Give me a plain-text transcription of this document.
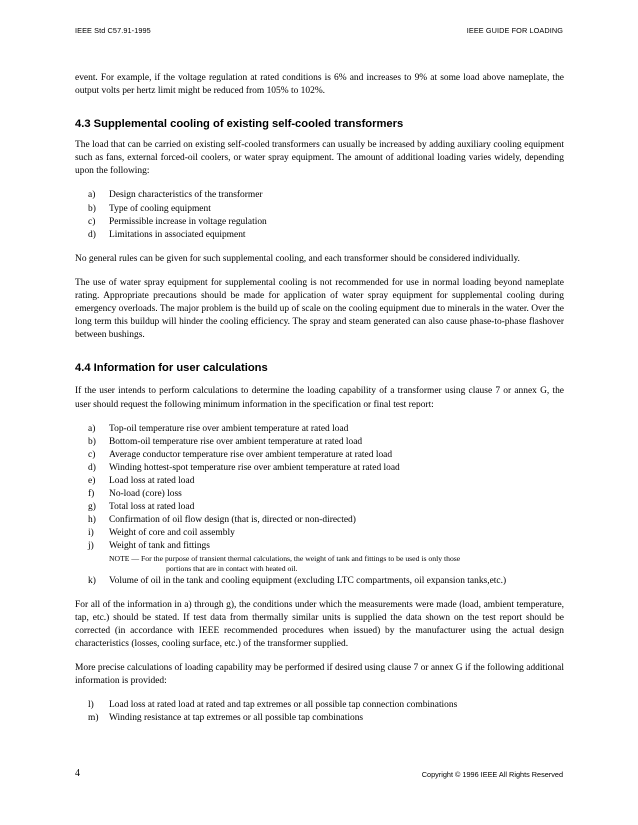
IEEE Std C57.91-1995	IEEE GUIDE FOR LOADING

event. For example, if the voltage regulation at rated conditions is 6% and increases to 9% at some load above nameplate, the output volts per hertz limit might be reduced from 105% to 102%.

4.3 Supplemental cooling of existing self-cooled transformers

The load that can be carried on existing self-cooled transformers can usually be increased by adding auxiliary cooling equipment such as fans, external forced-oil coolers, or water spray equipment. The amount of additional loading varies widely, depending upon the following:

a) Design characteristics of the transformer
b) Type of cooling equipment
c) Permissible increase in voltage regulation
d) Limitations in associated equipment

No general rules can be given for such supplemental cooling, and each transformer should be considered individually.

The use of water spray equipment for supplemental cooling is not recommended for use in normal loading beyond nameplate rating. Appropriate precautions should be made for application of water spray equipment for supplemental cooling during emergency overloads. The major problem is the build up of scale on the cooling equipment due to minerals in the water. Over the long term this buildup will hinder the cooling efficiency. The spray and steam generated can also cause phase-to-phase flashover between bushings.

4.4 Information for user calculations

If the user intends to perform calculations to determine the loading capability of a transformer using clause 7 or annex G, the user should request the following minimum information in the specification or final test report:

a) Top-oil temperature rise over ambient temperature at rated load
b) Bottom-oil temperature rise over ambient temperature at rated load
c) Average conductor temperature rise over ambient temperature at rated load
d) Winding hottest-spot temperature rise over ambient temperature at rated load
e) Load loss at rated load
f) No-load (core) loss
g) Total loss at rated load
h) Confirmation of oil flow design (that is, directed or non-directed)
i) Weight of core and coil assembly
j) Weight of tank and fittings
NOTE — For the purpose of transient thermal calculations, the weight of tank and fittings to be used is only those
portions that are in contact with heated oil.
k) Volume of oil in the tank and cooling equipment (excluding LTC compartments, oil expansion tanks,etc.)

For all of the information in a) through g), the conditions under which the measurements were made (load, ambient temperature, tap, etc.) should be stated. If test data from thermally similar units is supplied the data shown on the test report should be corrected (in accordance with IEEE recommended procedures when issued) by the manufacturer using the actual design characteristics (losses, cooling surface, etc.) of the transformer supplied.

More precise calculations of loading capability may be performed if desired using clause 7 or annex G if the following additional information is provided:

l) Load loss at rated load at rated and tap extremes or all possible tap connection combinations
m) Winding resistance at tap extremes or all possible tap combinations
4	Copyright © 1996 IEEE All Rights Reserved
